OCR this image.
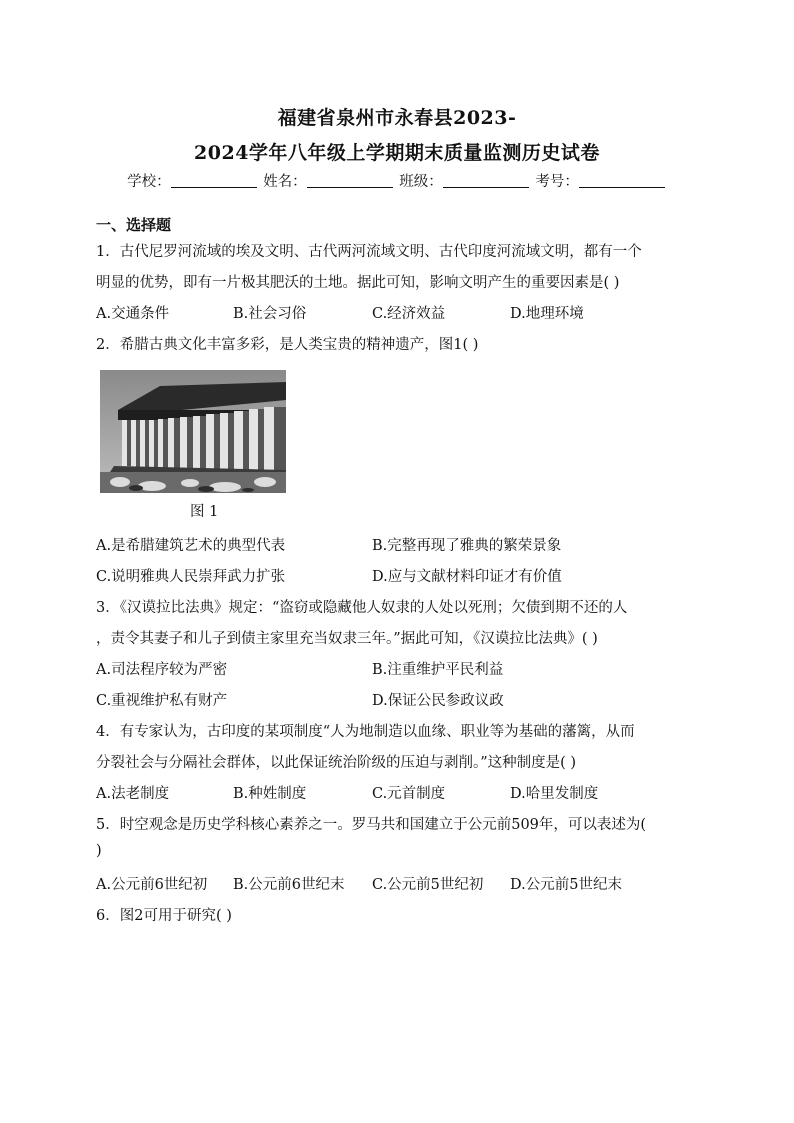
福建省泉州市永春县2023-
2024学年八年级上学期期末质量监测历史试卷
学校：	姓名：	班级：	考号：
一、选择题
1．古代尼罗河流域的埃及文明、古代两河流域文明、古代印度河流域文明，都有一个
明显的优势，即有一片极其肥沃的土地。据此可知，影响文明产生的重要因素是( )
A.交通条件	B.社会习俗	C.经济效益	D.地理环境
2．希腊古典文化丰富多彩，是人类宝贵的精神遗产，图1( )
图 1
A.是希腊建筑艺术的典型代表	B.完整再现了雅典的繁荣景象
C.说明雅典人民崇拜武力扩张	D.应与文献材料印证才有价值
3．《汉谟拉比法典》规定：“盗窃或隐藏他人奴隶的人处以死刑；欠债到期不还的人
，责令其妻子和儿子到债主家里充当奴隶三年。”据此可知，《汉谟拉比法典》( )
A.司法程序较为严密	B.注重维护平民利益
C.重视维护私有财产	D.保证公民参政议政
4．有专家认为，古印度的某项制度“人为地制造以血缘、职业等为基础的藩篱，从而
分裂社会与分隔社会群体，以此保证统治阶级的压迫与剥削。”这种制度是( )
A.法老制度	B.种姓制度	C.元首制度	D.哈里发制度
5．时空观念是历史学科核心素养之一。罗马共和国建立于公元前509年，可以表述为(
)
A.公元前6世纪初 B.公元前6世纪末 C.公元前5世纪初 D.公元前5世纪末
6．图2可用于研究( )
